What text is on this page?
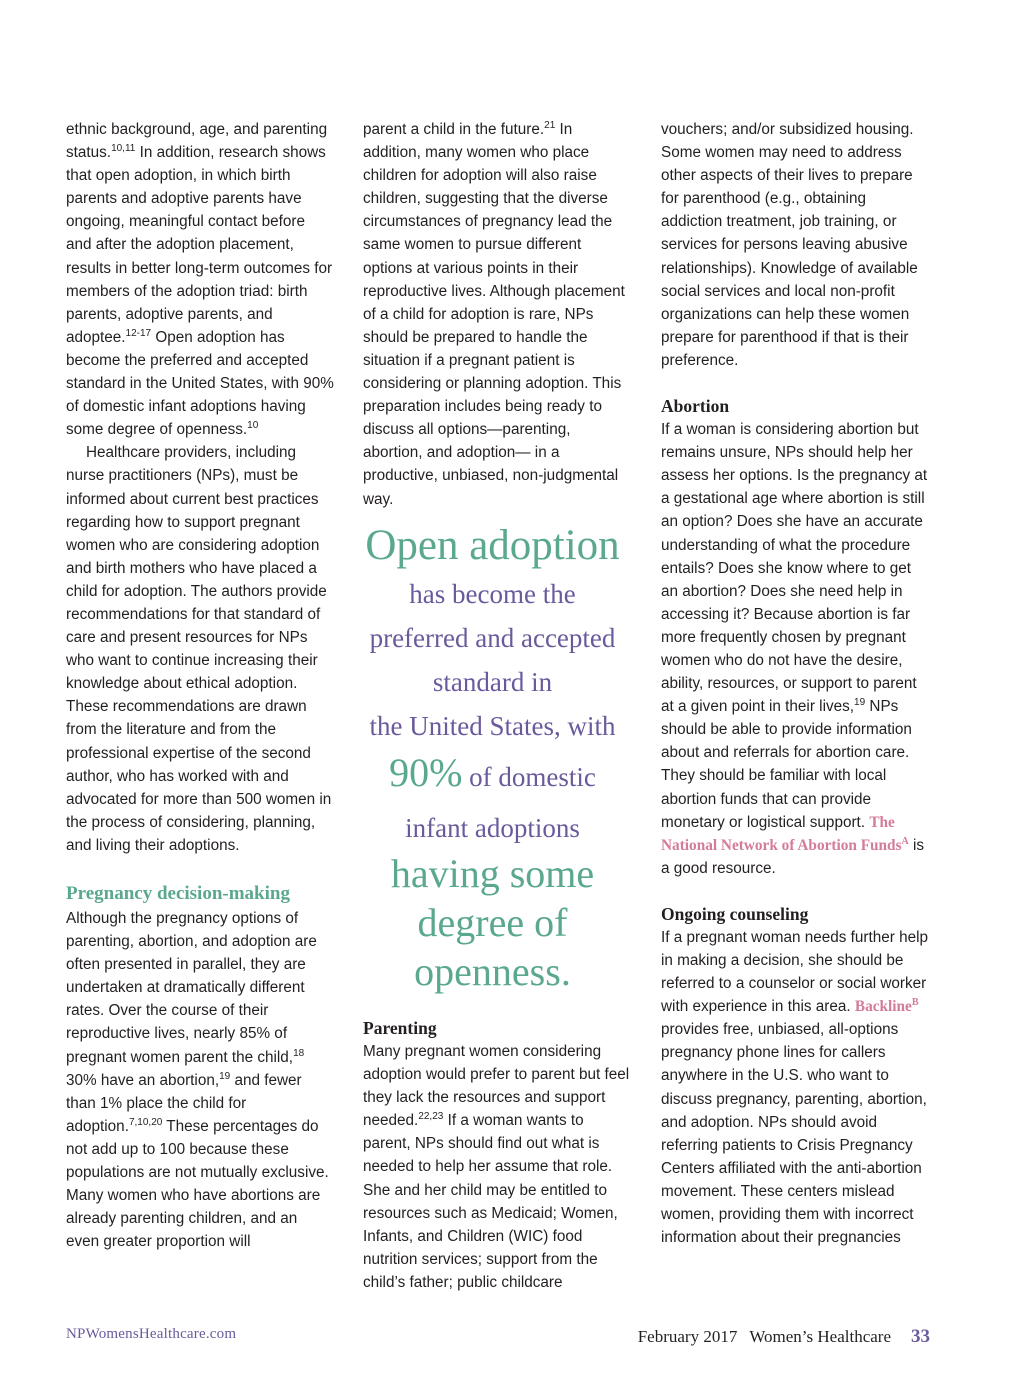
ethnic background, age, and parenting status.$^{10,11}$ In addition, research shows that open adoption, in which birth parents and adoptive parents have ongoing, meaningful contact before and after the adoption placement, results in better long-term outcomes for members of the adoption triad: birth parents, adoptive parents, and adoptee.$^{12-17}$ Open adoption has become the preferred and accepted standard in the United States, with 90% of domestic infant adoptions having some degree of openness.$^{10}$

Healthcare providers, including nurse practitioners (NPs), must be informed about current best practices regarding how to support pregnant women who are considering adoption and birth mothers who have placed a child for adoption. The authors provide recommendations for that standard of care and present resources for NPs who want to continue increasing their knowledge about ethical adoption. These recommendations are drawn from the literature and from the professional expertise of the second author, who has worked with and advocated for more than 500 women in the process of considering, planning, and living their adoptions.

Pregnancy decision-making

Although the pregnancy options of parenting, abortion, and adoption are often presented in parallel, they are undertaken at dramatically different rates. Over the course of their reproductive lives, nearly 85% of pregnant women parent the child,$^{18}$ 30% have an abortion,$^{19}$ and fewer than 1% place the child for adoption.$^{7,10,20}$ These percentages do not add up to 100 because these populations are not mutually exclusive. Many women who have abortions are already parenting children, and an even greater proportion will

parent a child in the future.$^{21}$ In addition, many women who place children for adoption will also raise children, suggesting that the diverse circumstances of pregnancy lead the same women to pursue different options at various points in their reproductive lives. Although placement of a child for adoption is rare, NPs should be prepared to handle the situation if a pregnant patient is considering or planning adoption. This preparation includes being ready to discuss all options—parenting, abortion, and adoption— in a productive, unbiased, non-judgmental way.

Open adoption
has become the
preferred and accepted
standard in
the United States, with
90% of domestic
infant adoptions
having some
degree of
openness.
Parenting

Many pregnant women considering adoption would prefer to parent but feel they lack the resources and support needed.$^{22,23}$ If a woman wants to parent, NPs should find out what is needed to help her assume that role. She and her child may be entitled to resources such as Medicaid; Women, Infants, and Children (WIC) food nutrition services; support from the child’s father; public childcare

vouchers; and/or subsidized housing. Some women may need to address other aspects of their lives to prepare for parenthood (e.g., obtaining addiction treatment, job training, or services for persons leaving abusive relationships). Knowledge of available social services and local non-profit organizations can help these women prepare for parenthood if that is their preference.

Abortion

If a woman is considering abortion but remains unsure, NPs should help her assess her options. Is the pregnancy at a gestational age where abortion is still an option? Does she have an accurate understanding of what the procedure entails? Does she know where to get an abortion? Does she need help in accessing it? Because abortion is far more frequently chosen by pregnant women who do not have the desire, ability, resources, or support to parent at a given point in their lives,$^{19}$ NPs should be able to provide information about and referrals for abortion care. They should be familiar with local abortion funds that can provide monetary or logistical support. The National Network of Abortion Funds$^A$ is a good resource.

Ongoing counseling

If a pregnant woman needs further help in making a decision, she should be referred to a counselor or social worker with experience in this area. Backline$^B$ provides free, unbiased, all-options pregnancy phone lines for callers anywhere in the U.S. who want to discuss pregnancy, parenting, abortion, and adoption. NPs should avoid referring patients to Crisis Pregnancy Centers affiliated with the anti-abortion movement. These centers mislead women, providing them with incorrect information about their pregnancies

NPWomensHealthcare.com	February 2017 Women’s Healthcare 33
